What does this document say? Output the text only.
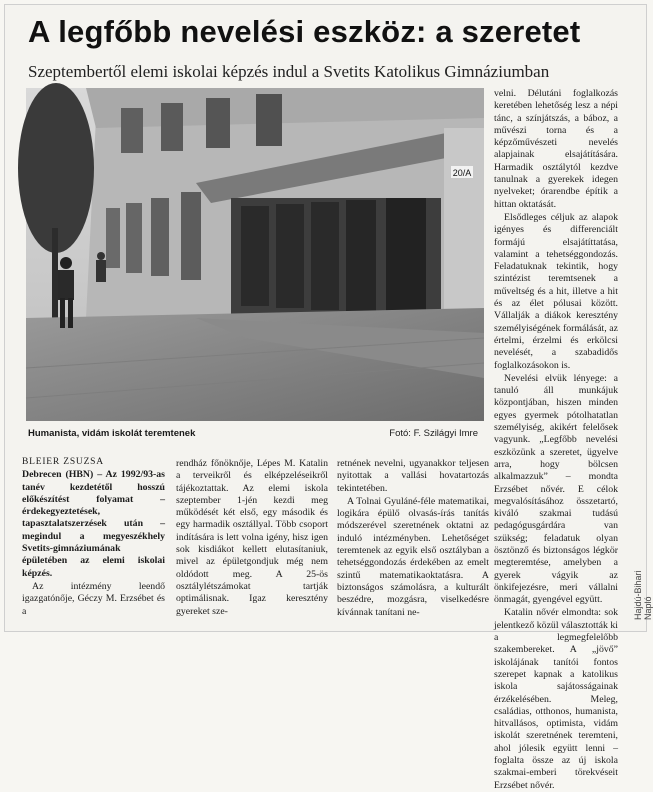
A legfőbb nevelési eszköz: a szeretet
Szeptembertől elemi iskolai képzés indul a Svetits Katolikus Gimnáziumban
20/A
Humanista, vidám iskolát teremtenek	Fotó: F. Szilágyi Imre

BLEIER ZSUZSA

Debrecen (HBN) – Az 1992/93-as tanév kezdetétől hosszú előkészítést folyamat – érdekegyeztetések, tapasztalatszerzések után – megindul a megyeszékhely Svetits-gimnáziumának épületében az elemi iskolai képzés.

Az intézmény leendő igazgatónője, Géczy M. Erzsébet és a

rendház főnöknője, Lépes M. Katalin a terveikről és elképzeléseikről tájékoztattak. Az elemi iskola szeptember 1-jén kezdi meg működését két első, egy második és egy harmadik osztállyal. Több csoport indítására is lett volna igény, hisz igen sok kisdiákot kellett elutasítaniuk, mivel az épületgondjuk még nem oldódott meg. A 25-ös osztálylétszámokat tartják optimálisnak. Igaz keresztény gyereket sze-

retnének nevelni, ugyanakkor teljesen nyitottak a vallási hovatartozás tekintetében.

A Tolnai Gyuláné-féle matematikai, logikára épülő olvasás-írás tanítás módszerével szeretnének oktatni az induló intézményben. Lehetőséget teremtenek az egyik első osztályban a tehetséggondozás érdekében az emelt szintű matematikaoktatásra. A biztonságos számolásra, a kulturált beszédre, mozgásra, viselkedésre kívánnak tanítani ne-

velni. Délutáni foglalkozás keretében lehetőség lesz a népi tánc, a színjátszás, a báboz, a művészi torna és a képzőművészeti nevelés alapjainak elsajátítására. Harmadik osztálytól kezdve tanulnak a gyerekek idegen nyelveket; órarendbe építik a hittan oktatását.

Elsődleges céljuk az alapok igényes és differenciált formájú elsajátíttatása, valamint a tehetséggondozás. Feladatuknak tekintik, hogy szintézist teremtsenek a műveltség és a hit, illetve a hit és az élet pólusai között. Vállalják a diákok keresztény személyiségének formálását, az értelmi, érzelmi és erkölcsi nevelését, a szabadidős foglalkozásokon is.

Nevelési elvük lényege: a tanuló áll munkájuk központjában, hiszen minden egyes gyermek pótolhatatlan személyiség, akikért felelősek vagyunk. „Legfőbb nevelési eszközünk a szeretet, ügyelve arra, hogy bölcsen alkalmazzuk” – mondta Erzsébet nővér. E célok megvalósításához összetartó, kiváló szakmai tudású pedagógusgárdára van szükség; feladatuk olyan ösztönző és biztonságos légkör megteremtése, amelyben a gyerek vágyik az önkifejezésre, meri vállalni önmagát, gyengével együtt.

Katalin nővér elmondta: sok jelentkező közül választották ki a legmegfelelőbb szakembereket. A „jövő” iskolájának tanítói fontos szerepet kapnak a katolikus iskola sajátosságainak érzékelésében. Meleg, családias, otthonos, humanista, hitvallásos, optimista, vidám iskolát szeretnének teremteni, ahol jólesik együtt lenni – foglalta össze az új iskola szakmai-emberi törekvéseit Erzsébet nővér.

Hajdú-Bihari Napló
